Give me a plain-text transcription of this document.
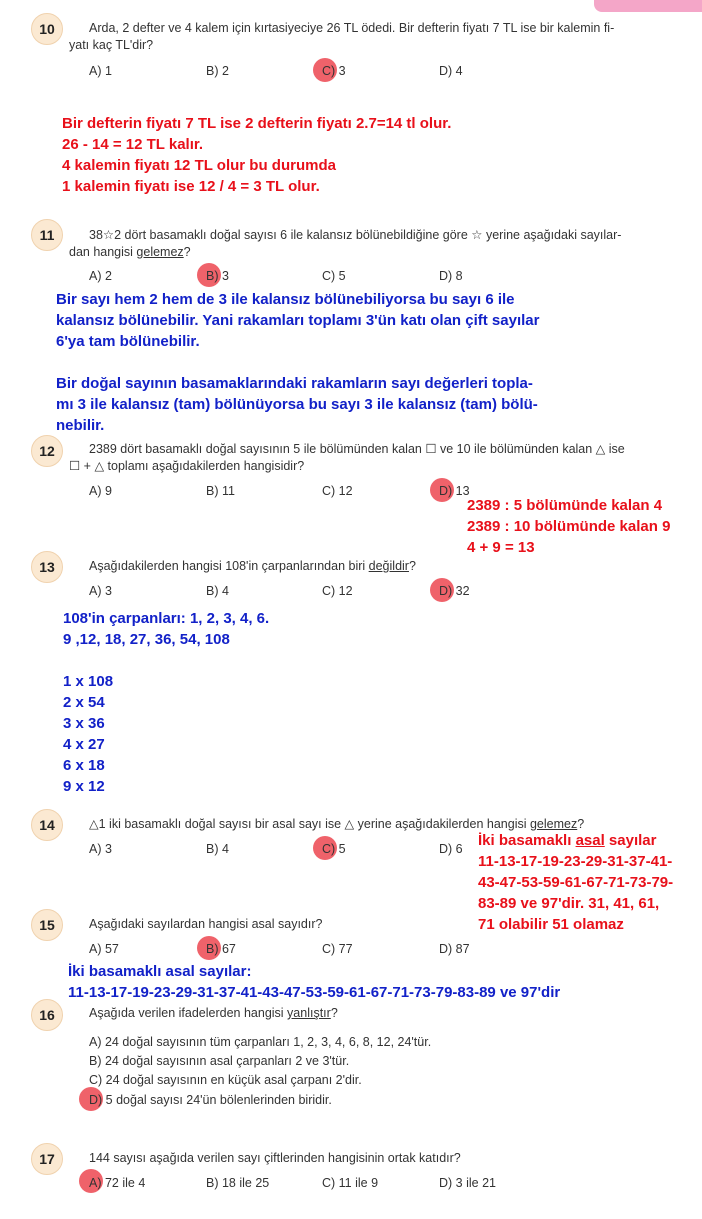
10	Arda, 2 defter ve 4 kalem için kırtasiyeciye 26 TL ödedi. Bir defterin fiyatı 7 TL ise bir kalemin fi-
yatı kaç TL'dir?
A) 1	B) 2	C) 3	D) 4
Bir defterin fiyatı 7 TL ise 2 defterin fiyatı 2.7=14 tl olur.
26 - 14 = 12 TL kalır.
4 kalemin fiyatı 12 TL olur bu durumda
1 kalemin fiyatı ise 12 / 4 = 3 TL olur.
11	38☆2 dört basamaklı doğal sayısı 6 ile kalansız bölünebildiğine göre ☆ yerine aşağıdaki sayılar-
dan hangisi gelemez?
A) 2	B) 3	C) 5	D) 8
Bir sayı hem 2 hem de 3 ile kalansız bölünebiliyorsa bu sayı 6 ile
kalansız bölünebilir. Yani rakamları toplamı 3'ün katı olan çift sayılar
6'ya tam bölünebilir.
Bir doğal sayının basamaklarındaki rakamların sayı değerleri topla-
mı 3 ile kalansız (tam) bölünüyorsa bu sayı 3 ile kalansız (tam) bölü-
nebilir.
12	2389 dört basamaklı doğal sayısının 5 ile bölümünden kalan ☐ ve 10 ile bölümünden kalan △ ise
☐ + △ toplamı aşağıdakilerden hangisidir?
A) 9	B) 11	C) 12	D) 13
2389 : 5 bölümünde kalan 4
2389 : 10 bölümünde kalan 9
4 + 9 = 13
13	Aşağıdakilerden hangisi 108'in çarpanlarından biri değildir?
A) 3	B) 4	C) 12	D) 32
108'in çarpanları: 1, 2, 3, 4, 6.
9 ,12, 18, 27, 36, 54, 108
1 x 108
2 x 54
3 x 36
4 x 27
6 x 18
9 x 12
14	△1 iki basamaklı doğal sayısı bir asal sayı ise △ yerine aşağıdakilerden hangisi gelemez?
A) 3	B) 4	C) 5	D) 6 İki basamaklı asal sayılar
11-13-17-19-23-29-31-37-41-
43-47-53-59-61-67-71-73-79-
83-89 ve 97'dir. 31, 41, 61,
71 olabilir 51 olamaz
15	Aşağıdaki sayılardan hangisi asal sayıdır?
A) 57	B) 67	C) 77	D) 87
İki basamaklı asal sayılar:
11-13-17-19-23-29-31-37-41-43-47-53-59-61-67-71-73-79-83-89 ve 97'dir
16	Aşağıda verilen ifadelerden hangisi yanlıştır?
A) 24 doğal sayısının tüm çarpanları 1, 2, 3, 4, 6, 8, 12, 24'tür.
B) 24 doğal sayısının asal çarpanları 2 ve 3'tür.
C) 24 doğal sayısının en küçük asal çarpanı 2'dir.
D) 5 doğal sayısı 24'ün bölenlerinden biridir.
17	144 sayısı aşağıda verilen sayı çiftlerinden hangisinin ortak katıdır?
A) 72 ile 4	B) 18 ile 25	C) 11 ile 9	D) 3 ile 21
